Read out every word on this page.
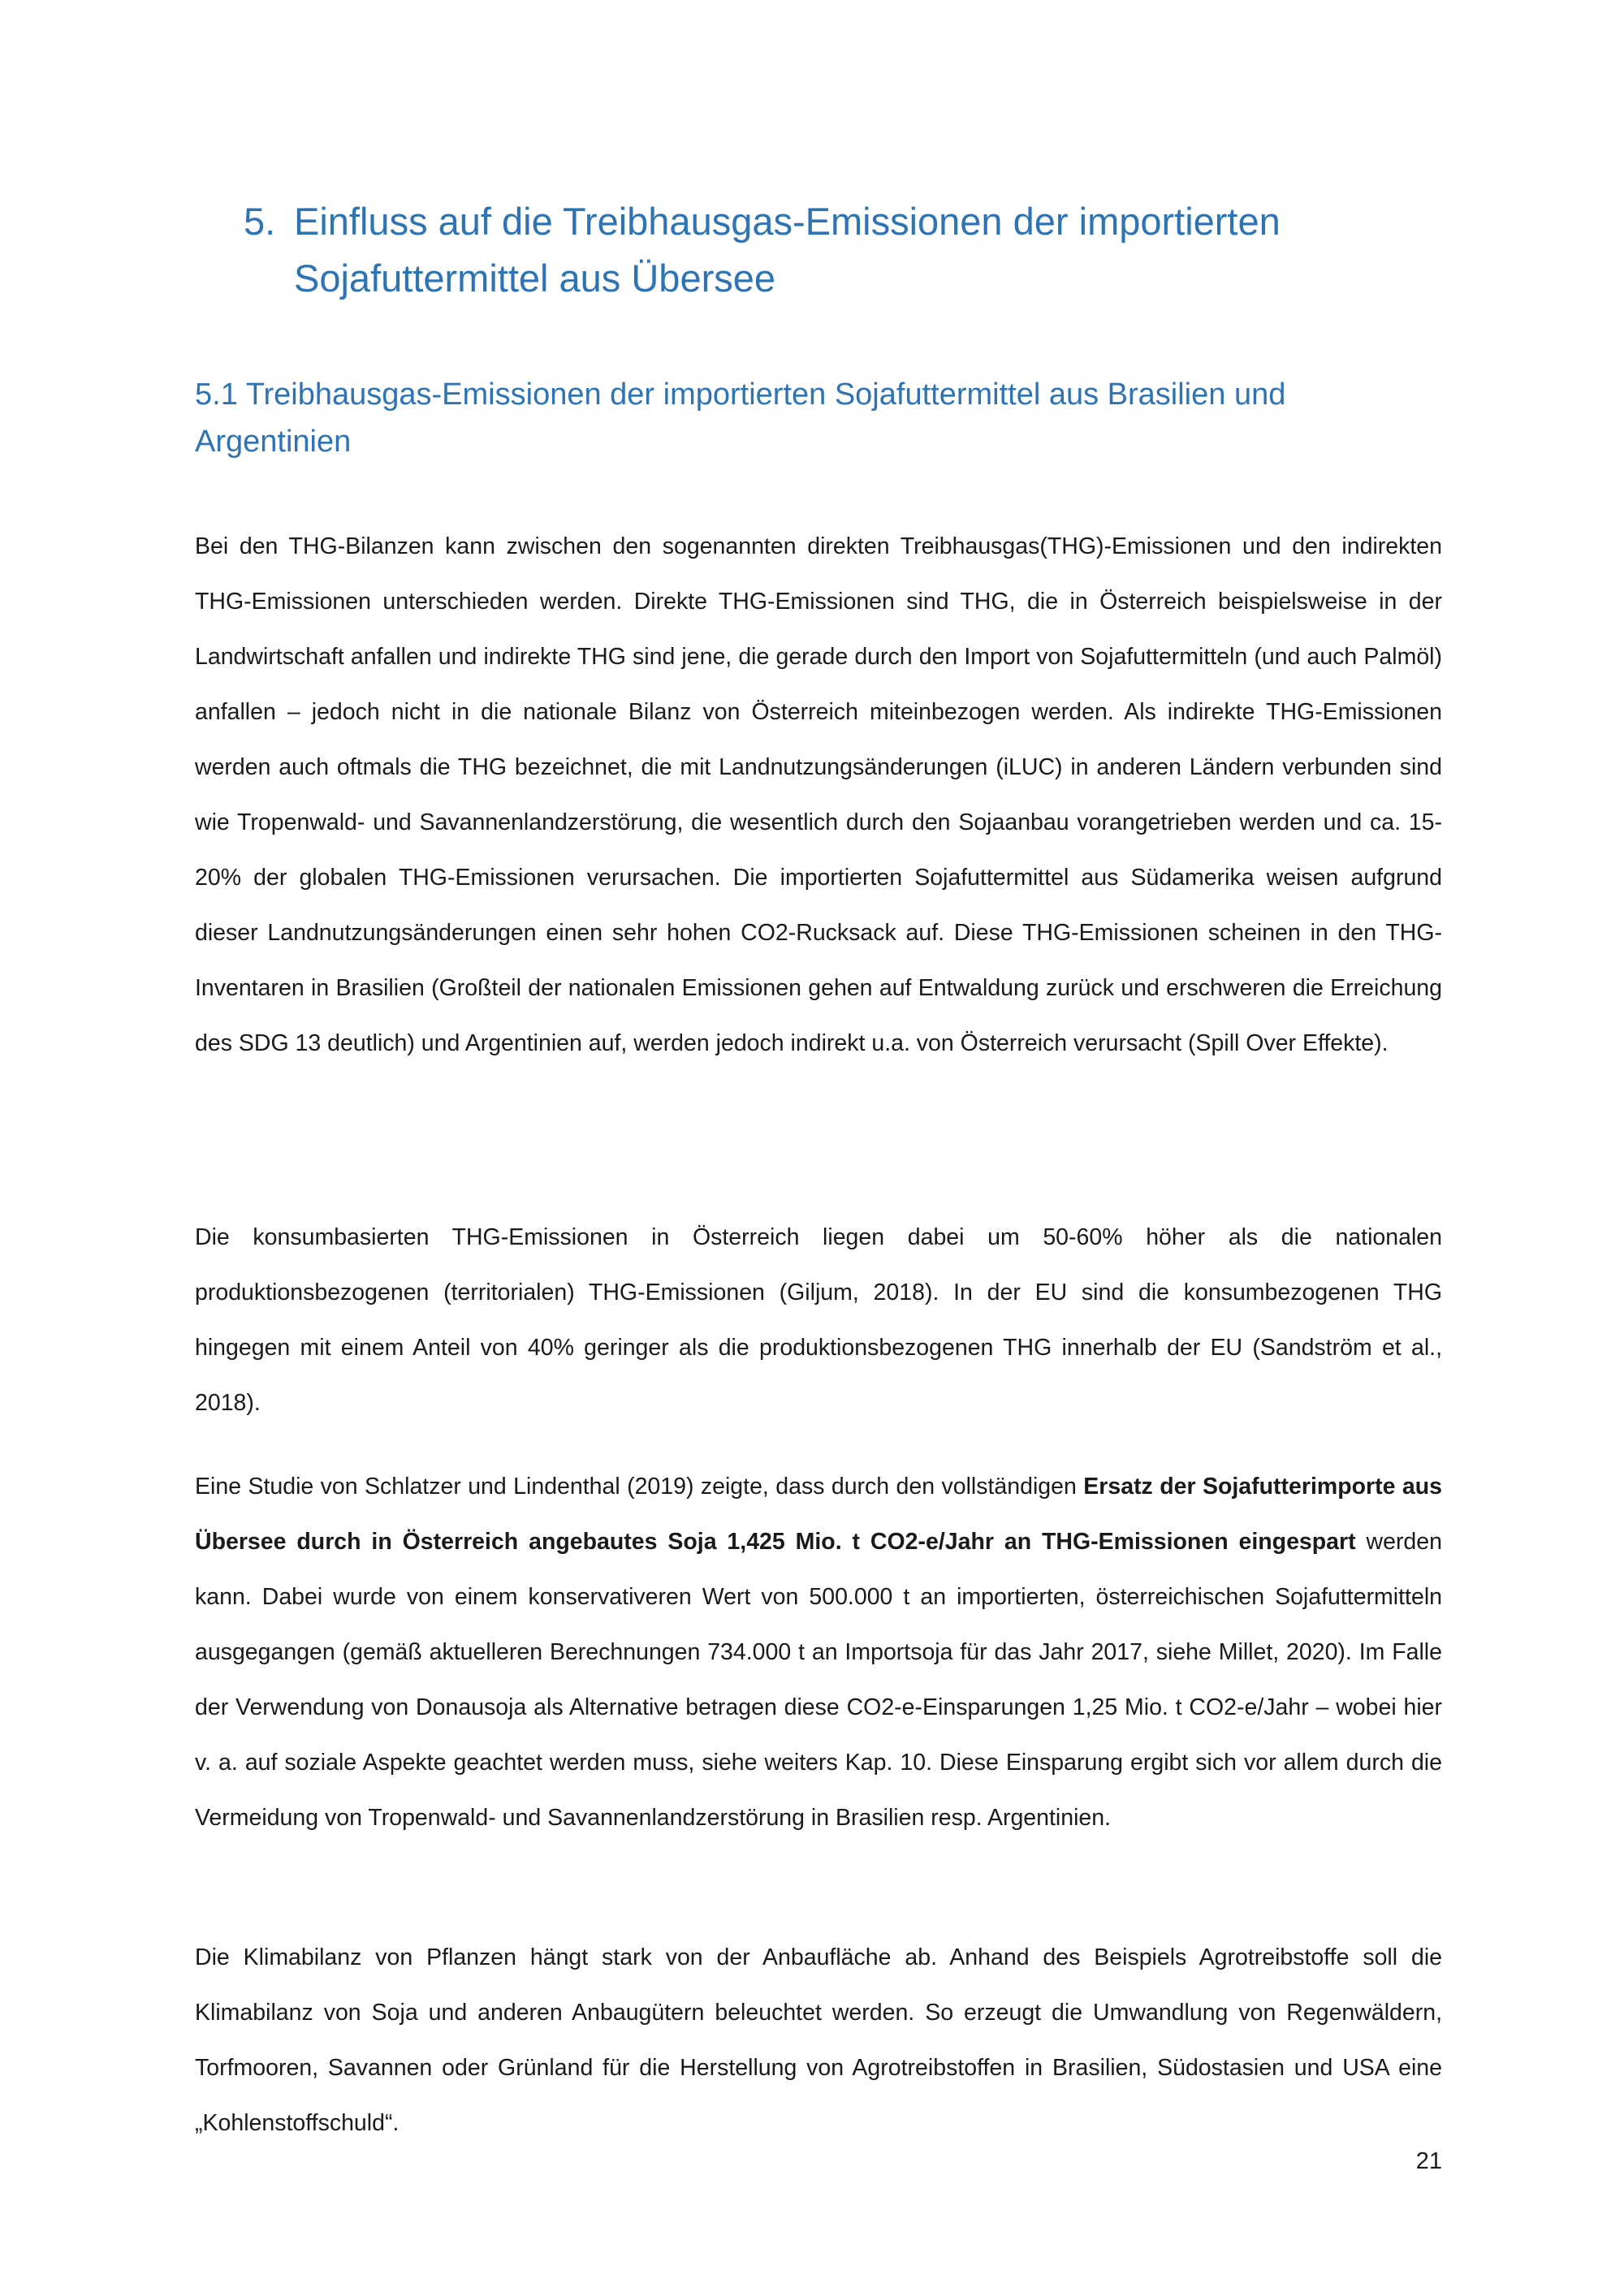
5. Einfluss auf die Treibhausgas-Emissionen der importierten Sojafuttermittel aus Übersee
5.1 Treibhausgas-Emissionen der importierten Sojafuttermittel aus Brasilien und Argentinien

Bei den THG-Bilanzen kann zwischen den sogenannten direkten Treibhausgas(THG)-Emissionen und den indirekten THG-Emissionen unterschieden werden. Direkte THG-Emissionen sind THG, die in Österreich beispielsweise in der Landwirtschaft anfallen und indirekte THG sind jene, die gerade durch den Import von Sojafuttermitteln (und auch Palmöl) anfallen – jedoch nicht in die nationale Bilanz von Österreich miteinbezogen werden. Als indirekte THG-Emissionen werden auch oftmals die THG bezeichnet, die mit Landnutzungsänderungen (iLUC) in anderen Ländern verbunden sind wie Tropenwald- und Savannenlandzerstörung, die wesentlich durch den Sojaanbau vorangetrieben werden und ca. 15-20% der globalen THG-Emissionen verursachen. Die importierten Sojafuttermittel aus Südamerika weisen aufgrund dieser Landnutzungsänderungen einen sehr hohen CO2-Rucksack auf. Diese THG-Emissionen scheinen in den THG-Inventaren in Brasilien (Großteil der nationalen Emissionen gehen auf Entwaldung zurück und erschweren die Erreichung des SDG 13 deutlich) und Argentinien auf, werden jedoch indirekt u.a. von Österreich verursacht (Spill Over Effekte).

Die konsumbasierten THG-Emissionen in Österreich liegen dabei um 50-60% höher als die nationalen produktionsbezogenen (territorialen) THG-Emissionen (Giljum, 2018). In der EU sind die konsumbezogenen THG hingegen mit einem Anteil von 40% geringer als die produktionsbezogenen THG innerhalb der EU (Sandström et al., 2018).

Eine Studie von Schlatzer und Lindenthal (2019) zeigte, dass durch den vollständigen Ersatz der Sojafutterimporte aus Übersee durch in Österreich angebautes Soja 1,425 Mio. t CO2-e/Jahr an THG-Emissionen eingespart werden kann. Dabei wurde von einem konservativeren Wert von 500.000 t an importierten, österreichischen Sojafuttermitteln ausgegangen (gemäß aktuelleren Berechnungen 734.000 t an Importsoja für das Jahr 2017, siehe Millet, 2020). Im Falle der Verwendung von Donausoja als Alternative betragen diese CO2-e-Einsparungen 1,25 Mio. t CO2-e/Jahr – wobei hier v. a. auf soziale Aspekte geachtet werden muss, siehe weiters Kap. 10. Diese Einsparung ergibt sich vor allem durch die Vermeidung von Tropenwald- und Savannenlandzerstörung in Brasilien resp. Argentinien.

Die Klimabilanz von Pflanzen hängt stark von der Anbaufläche ab. Anhand des Beispiels Agrotreibstoffe soll die Klimabilanz von Soja und anderen Anbaugütern beleuchtet werden. So erzeugt die Umwandlung von Regenwäldern, Torfmooren, Savannen oder Grünland für die Herstellung von Agrotreibstoffen in Brasilien, Südostasien und USA eine „Kohlenstoffschuld“.

21
